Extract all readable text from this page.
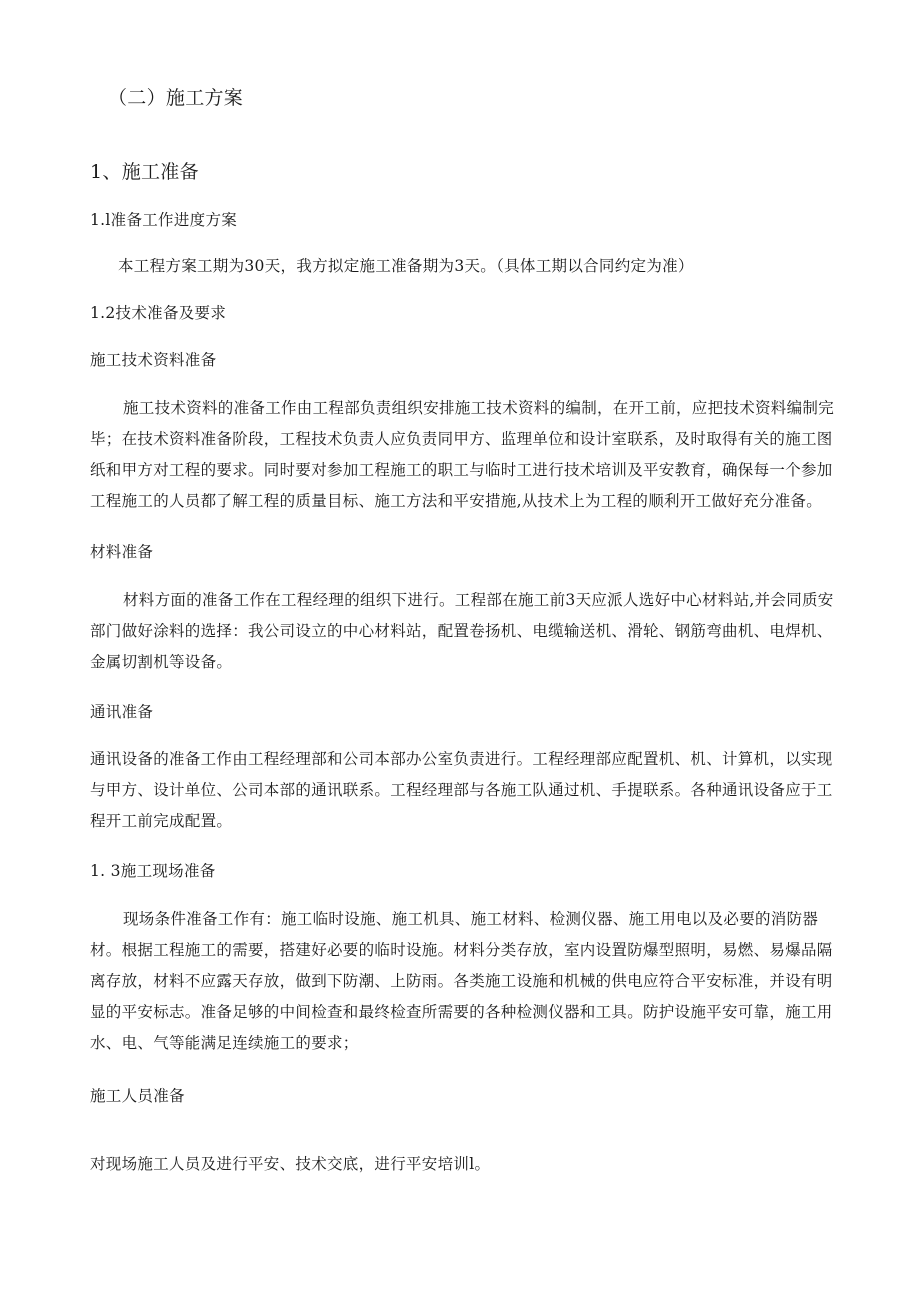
（二）施工方案

1、施工准备

1.l准备工作进度方案

本工程方案工期为30天，我方拟定施工准备期为3天。（具体工期以合同约定为准）

1.2技术准备及要求

施工技术资料准备

施工技术资料的准备工作由工程部负责组织安排施工技术资料的编制，在开工前，应把技术资料编制完
毕；在技术资料准备阶段，工程技术负责人应负责同甲方、监理单位和设计室联系，及时取得有关的施工图
纸和甲方对工程的要求。同时要对参加工程施工的职工与临时工进行技术培训及平安教育，确保每一个参加
工程施工的人员都了解工程的质量目标、施工方法和平安措施,从技术上为工程的顺利开工做好充分准备。

材料准备

材料方面的准备工作在工程经理的组织下进行。工程部在施工前3天应派人选好中心材料站,并会同质安
部门做好涂料的选择：我公司设立的中心材料站，配置卷扬机、电缆输送机、滑轮、钢筋弯曲机、电焊机、
金属切割机等设备。

通讯准备

通讯设备的准备工作由工程经理部和公司本部办公室负责进行。工程经理部应配置机、机、计算机，以实现
与甲方、设计单位、公司本部的通讯联系。工程经理部与各施工队通过机、手提联系。各种通讯设备应于工
程开工前完成配置。

1. 3施工现场准备

现场条件准备工作有：施工临时设施、施工机具、施工材料、检测仪器、施工用电以及必要的消防器
材。根据工程施工的需要，搭建好必要的临时设施。材料分类存放，室内设置防爆型照明，易燃、易爆品隔
离存放，材料不应露天存放，做到下防潮、上防雨。各类施工设施和机械的供电应符合平安标准，并设有明
显的平安标志。准备足够的中间检查和最终检查所需要的各种检测仪器和工具。防护设施平安可靠，施工用
水、电、气等能满足连续施工的要求；

施工人员准备

对现场施工人员及进行平安、技术交底，进行平安培训l。
